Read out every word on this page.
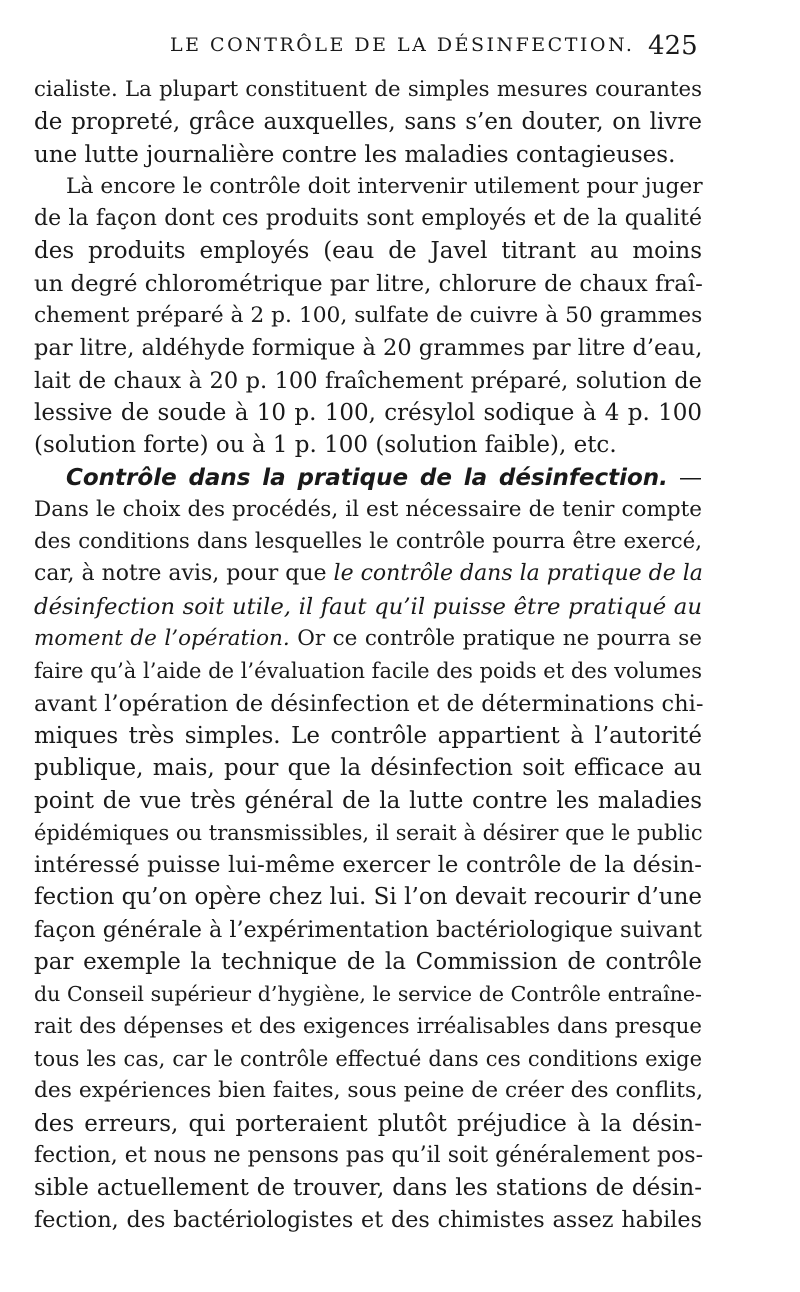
LE CONTRÔLE DE LA DÉSINFECTION. 425
cialiste. La plupart constituent de simples mesures courantes
de propreté, grâce auxquelles, sans s’en douter, on livre
une lutte journalière contre les maladies contagieuses.
Là encore le contrôle doit intervenir utilement pour juger
de la façon dont ces produits sont employés et de la qualité
des produits employés (eau de Javel titrant au moins
un degré chlorométrique par litre, chlorure de chaux fraî-
chement préparé à 2 p. 100, sulfate de cuivre à 50 grammes
par litre, aldéhyde formique à 20 grammes par litre d’eau,
lait de chaux à 20 p. 100 fraîchement préparé, solution de
lessive de soude à 10 p. 100, crésylol sodique à 4 p. 100
(solution forte) ou à 1 p. 100 (solution faible), etc.
Contrôle dans la pratique de la désinfection. —
Dans le choix des procédés, il est nécessaire de tenir compte
des conditions dans lesquelles le contrôle pourra être exercé,
car, à notre avis, pour que le contrôle dans la pratique de la
désinfection soit utile, il faut qu’il puisse être pratiqué au
moment de l’opération. Or ce contrôle pratique ne pourra se
faire qu’à l’aide de l’évaluation facile des poids et des volumes
avant l’opération de désinfection et de déterminations chi-
miques très simples. Le contrôle appartient à l’autorité
publique, mais, pour que la désinfection soit efficace au
point de vue très général de la lutte contre les maladies
épidémiques ou transmissibles, il serait à désirer que le public
intéressé puisse lui-même exercer le contrôle de la désin-
fection qu’on opère chez lui. Si l’on devait recourir d’une
façon générale à l’expérimentation bactériologique suivant
par exemple la technique de la Commission de contrôle
du Conseil supérieur d’hygiène, le service de Contrôle entraîne-
rait des dépenses et des exigences irréalisables dans presque
tous les cas, car le contrôle effectué dans ces conditions exige
des expériences bien faites, sous peine de créer des conflits,
des erreurs, qui porteraient plutôt préjudice à la désin-
fection, et nous ne pensons pas qu’il soit généralement pos-
sible actuellement de trouver, dans les stations de désin-
fection, des bactériologistes et des chimistes assez habiles
